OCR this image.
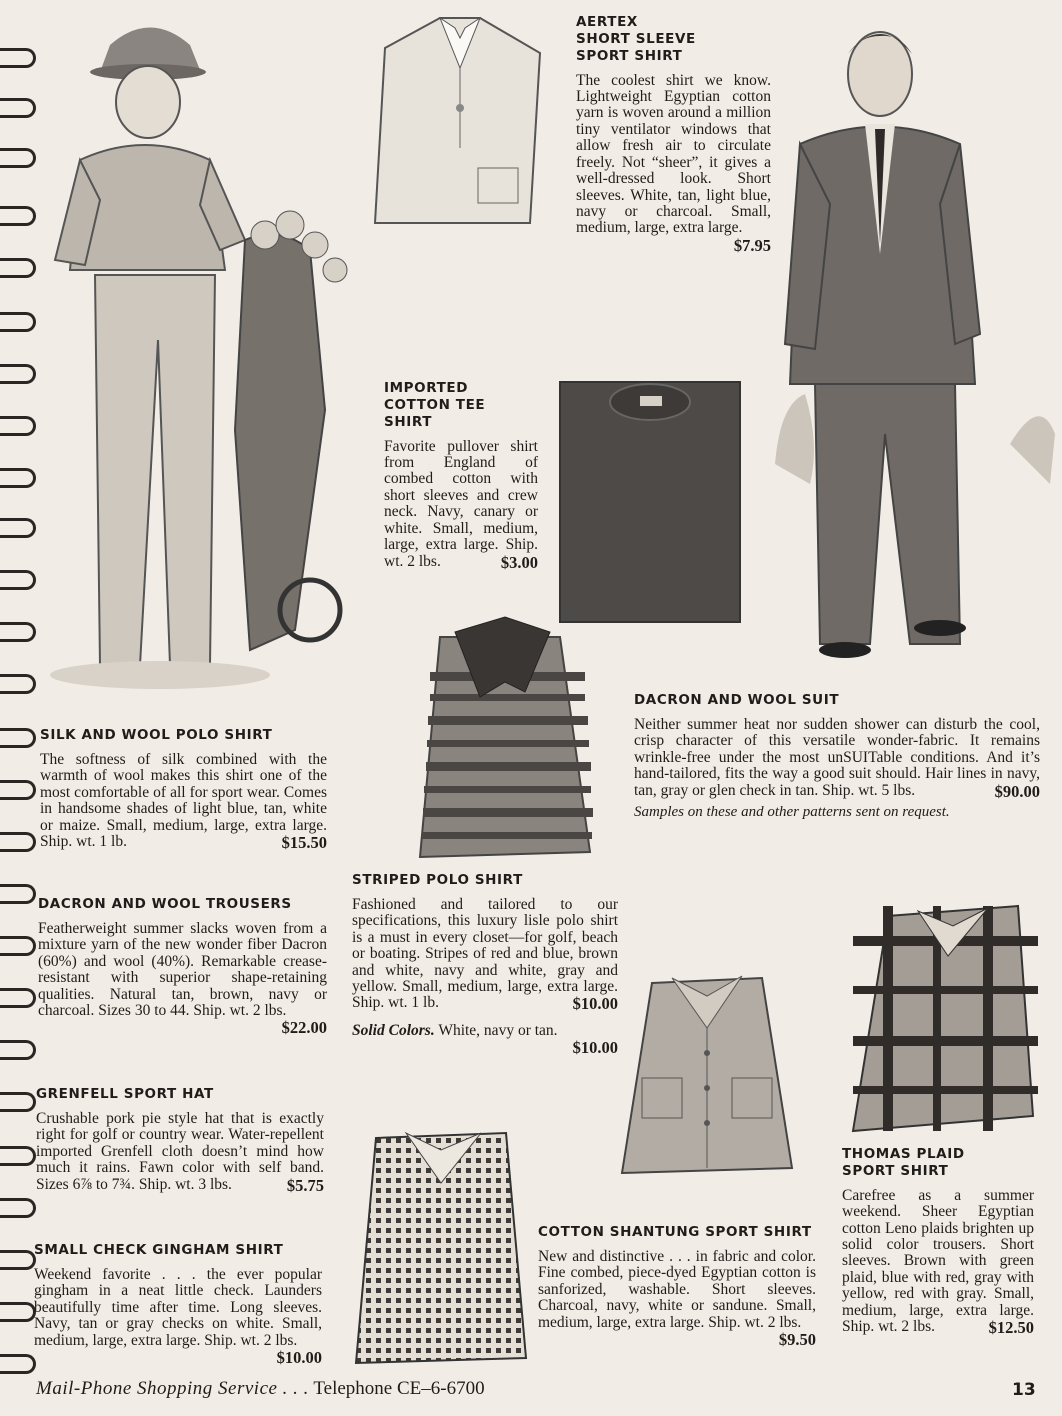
AERTEX
SHORT SLEEVE
SPORT SHIRT

The coolest shirt we know. Lightweight Egyptian cotton yarn is woven around a million tiny ventilator windows that allow fresh air to circulate freely. Not “sheer”, it gives a well-dressed look. Short sleeves. White, tan, light blue, navy or charcoal. Small, medium, large, extra large.
$7.95

IMPORTED
COTTON TEE SHIRT

Favorite pullover shirt from England of combed cotton with short sleeves and crew neck. Navy, canary or white. Small, medium, large, extra large. Ship. wt. 2 lbs.	$3.00

DACRON AND WOOL SUIT

Neither summer heat nor sudden shower can disturb the cool, crisp character of this versatile wonder-fabric. It remains wrinkle-free under the most unSUITable conditions. And it’s hand-tailored, fits the way a good suit should. Hair lines in navy, tan, gray or glen check in tan. Ship. wt. 5 lbs.	$90.00

Samples on these and other patterns sent on request.

SILK AND WOOL POLO SHIRT

The softness of silk combined with the warmth of wool makes this shirt one of the most comfortable of all for sport wear. Comes in handsome shades of light blue, tan, white or maize. Small, medium, large, extra large. Ship. wt. 1 lb.	$15.50

DACRON AND WOOL TROUSERS

Featherweight summer slacks woven from a mixture yarn of the new wonder fiber Dacron (60%) and wool (40%). Remarkable crease-resistant with superior shape-retaining qualities. Natural tan, brown, navy or charcoal. Sizes 30 to 44. Ship. wt. 2 lbs.
$22.00

GRENFELL SPORT HAT

Crushable pork pie style hat that is exactly right for golf or country wear. Water-repellent imported Grenfell cloth doesn’t mind how much it rains. Fawn color with self band. Sizes 6⅞ to 7¾. Ship. wt. 3 lbs.	$5.75

SMALL CHECK GINGHAM SHIRT

Weekend favorite . . . the ever popular gingham in a neat little check. Launders beautifully time after time. Long sleeves. Navy, tan or gray checks on white. Small, medium, large, extra large. Ship. wt. 2 lbs.
$10.00

STRIPED POLO SHIRT

Fashioned and tailored to our specifications, this luxury lisle polo shirt is a must in every closet—for golf, beach or boating. Stripes of red and blue, brown and white, navy and white, gray and yellow. Small, medium, large, extra large. Ship. wt. 1 lb.	$10.00

Solid Colors. White, navy or tan.

$10.00
COTTON SHANTUNG SPORT SHIRT

New and distinctive . . . in fabric and color. Fine combed, piece-dyed Egyptian cotton is sanforized, washable. Short sleeves. Charcoal, navy, white or sandune. Small, medium, large, extra large. Ship. wt. 2 lbs.
$9.50

THOMAS PLAID
SPORT SHIRT

Carefree as a summer weekend. Sheer Egyptian cotton Leno plaids brighten up solid color trousers. Short sleeves. Brown with green plaid, blue with red, gray with yellow, red with gray. Small, medium, large, extra large. Ship. wt. 2 lbs.	$12.50

Mail-Phone Shopping Service . . . Telephone CE–6-6700	13
